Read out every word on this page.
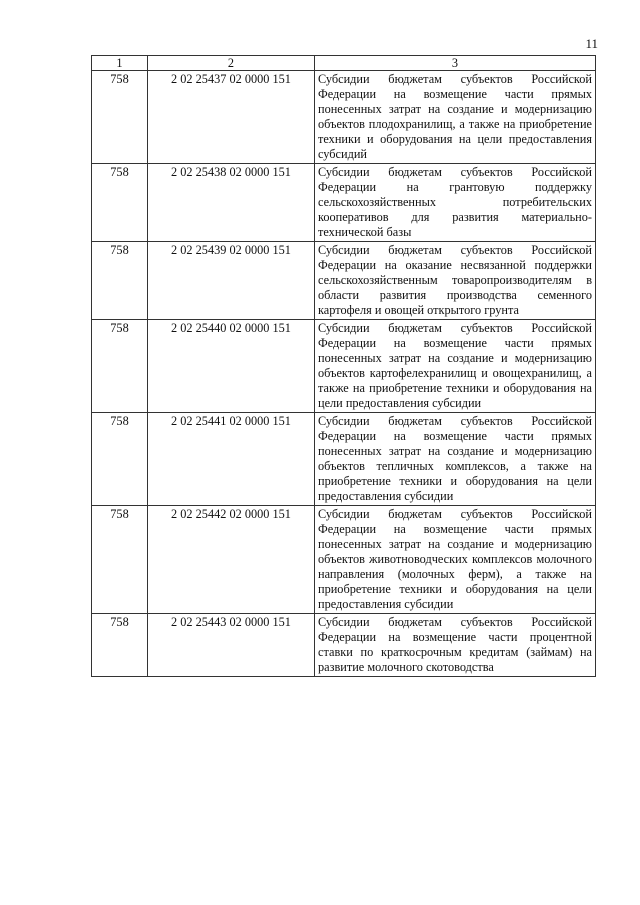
11
1	2	3
758	2 02 25437 02 0000 151	Субсидии бюджетам субъектов Российской Федерации на возмещение части прямых понесенных затрат на создание и модернизацию объектов плодохранилищ, а также на приобретение техники и оборудования на цели предоставления субсидий
758	2 02 25438 02 0000 151	Субсидии бюджетам субъектов Российской Федерации на грантовую поддержку сельскохозяйственных потребительских кооперативов для развития материально-технической базы
758	2 02 25439 02 0000 151	Субсидии бюджетам субъектов Российской Федерации на оказание несвязанной поддержки сельскохозяйственным товаропроизводителям в области развития производства семенного картофеля и овощей открытого грунта
758	2 02 25440 02 0000 151	Субсидии бюджетам субъектов Российской Федерации на возмещение части прямых понесенных затрат на создание и модернизацию объектов картофелехранилищ и овощехранилищ, а также на приобретение техники и оборудования на цели предоставления субсидии
758	2 02 25441 02 0000 151	Субсидии бюджетам субъектов Российской Федерации на возмещение части прямых понесенных затрат на создание и модернизацию объектов тепличных комплексов, а также на приобретение техники и оборудования на цели предоставления субсидии
758	2 02 25442 02 0000 151	Субсидии бюджетам субъектов Российской Федерации на возмещение части прямых понесенных затрат на создание и модернизацию объектов животноводческих комплексов молочного направления (молочных ферм), а также на приобретение техники и оборудования на цели предоставления субсидии
758	2 02 25443 02 0000 151	Субсидии бюджетам субъектов Российской Федерации на возмещение части процентной ставки по краткосрочным кредитам (займам) на развитие молочного скотоводства
